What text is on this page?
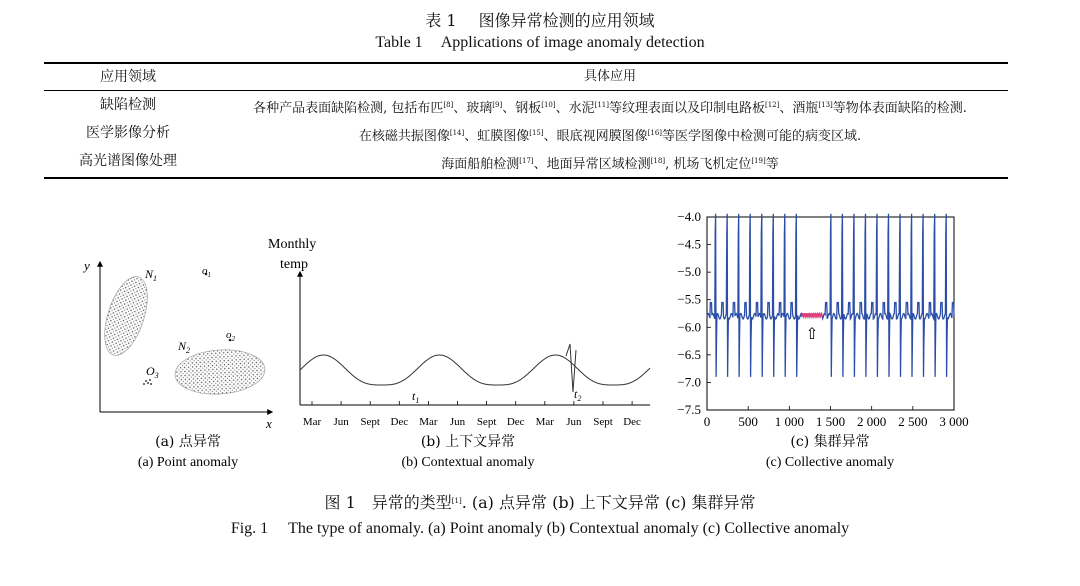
表 1 图像异常检测的应用领域
Table 1 Applications of image anomaly detection
应用领域	具体应用
缺陷检测	各种产品表面缺陷检测, 包括布匹[8]、玻璃[9]、钢板[10]、水泥[11]等纹理表面以及印制电路板[12]、酒瓶[13]等物体表面缺陷的检测.
医学影像分析	在核磁共振图像[14]、虹膜图像[15]、眼底视网膜图像[16]等医学图像中检测可能的病变区域.
高光谱图像处理	海面船舶检测[17]、地面异常区域检测[18], 机场飞机定位[19]等
y
x
$N_1$
$N_2$
$o_1$
$o_2$
$O_3$
(a) 点异常
(a) Point anomaly
Monthly
temp
Mar Jun Sept Dec Mar Jun Sept Dec Mar Jun Sept Dec
$t_1$	$t_2$
(b) 上下文异常
(b) Contextual anomaly
−4.0
−4.5
−5.0
−5.5
−6.0
−6.5
−7.0
−7.5
0 500 1 000 1 500 2 000 2 500 3 000
⇧
(c) 集群异常
(c) Collective anomaly
图 1 异常的类型[1]. (a) 点异常 (b) 上下文异常 (c) 集群异常
Fig. 1 The type of anomaly. (a) Point anomaly (b) Contextual anomaly (c) Collective anomaly
